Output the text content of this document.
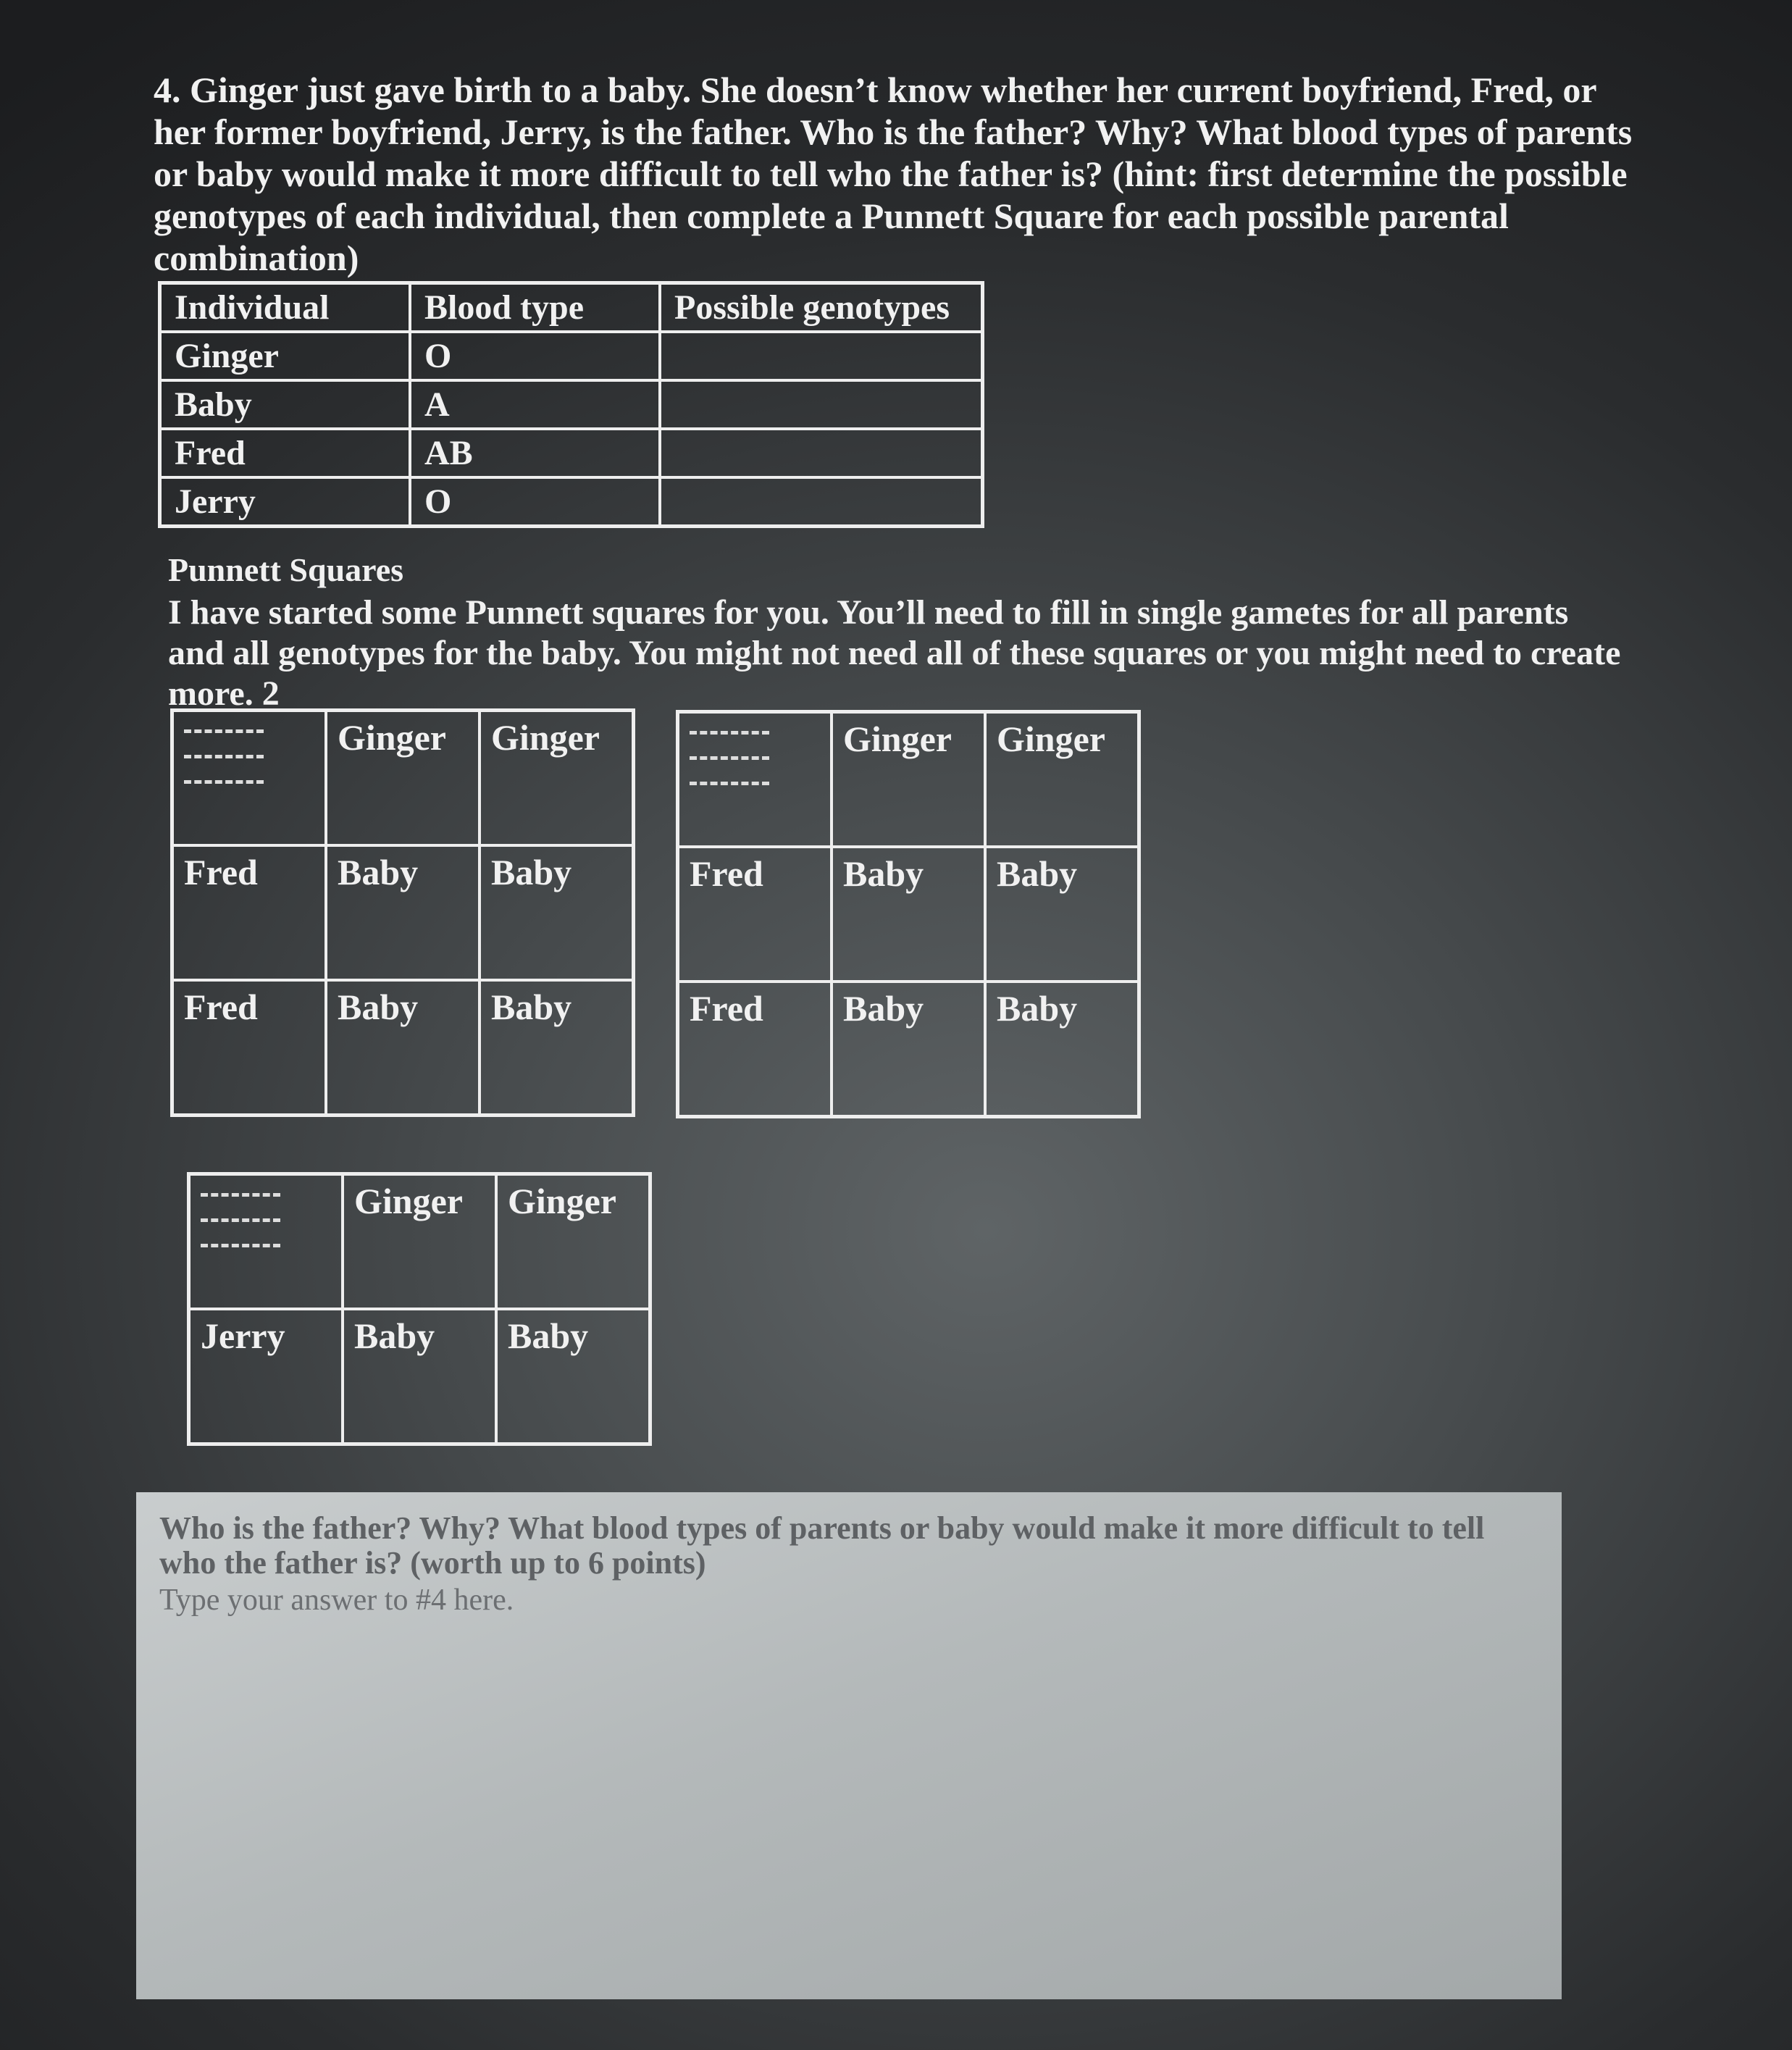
4. Ginger just gave birth to a baby. She doesn’t know whether her current boyfriend, Fred, or her former boyfriend, Jerry, is the father. Who is the father? Why? What blood types of parents or baby would make it more difficult to tell who the father is? (hint: first determine the possible genotypes of each individual, then complete a Punnett Square for each possible parental combination)

Individual	Blood type	Possible genotypes
Ginger	O	
Baby	A	
Fred	AB	
Jerry	O	

Punnett Squares

I have started some Punnett squares for you. You’ll need to fill in single gametes for all parents and all genotypes for the baby. You might not need all of these squares or you might need to create more. 2

	Ginger	Ginger
Fred	Baby	Baby
Fred	Baby	Baby
	Ginger	Ginger
Fred	Baby	Baby
Fred	Baby	Baby
	Ginger	Ginger
Jerry	Baby	Baby

Who is the father? Why? What blood types of parents or baby would make it more difficult to tell who the father is? (worth up to 6 points)

Type your answer to #4 here.
